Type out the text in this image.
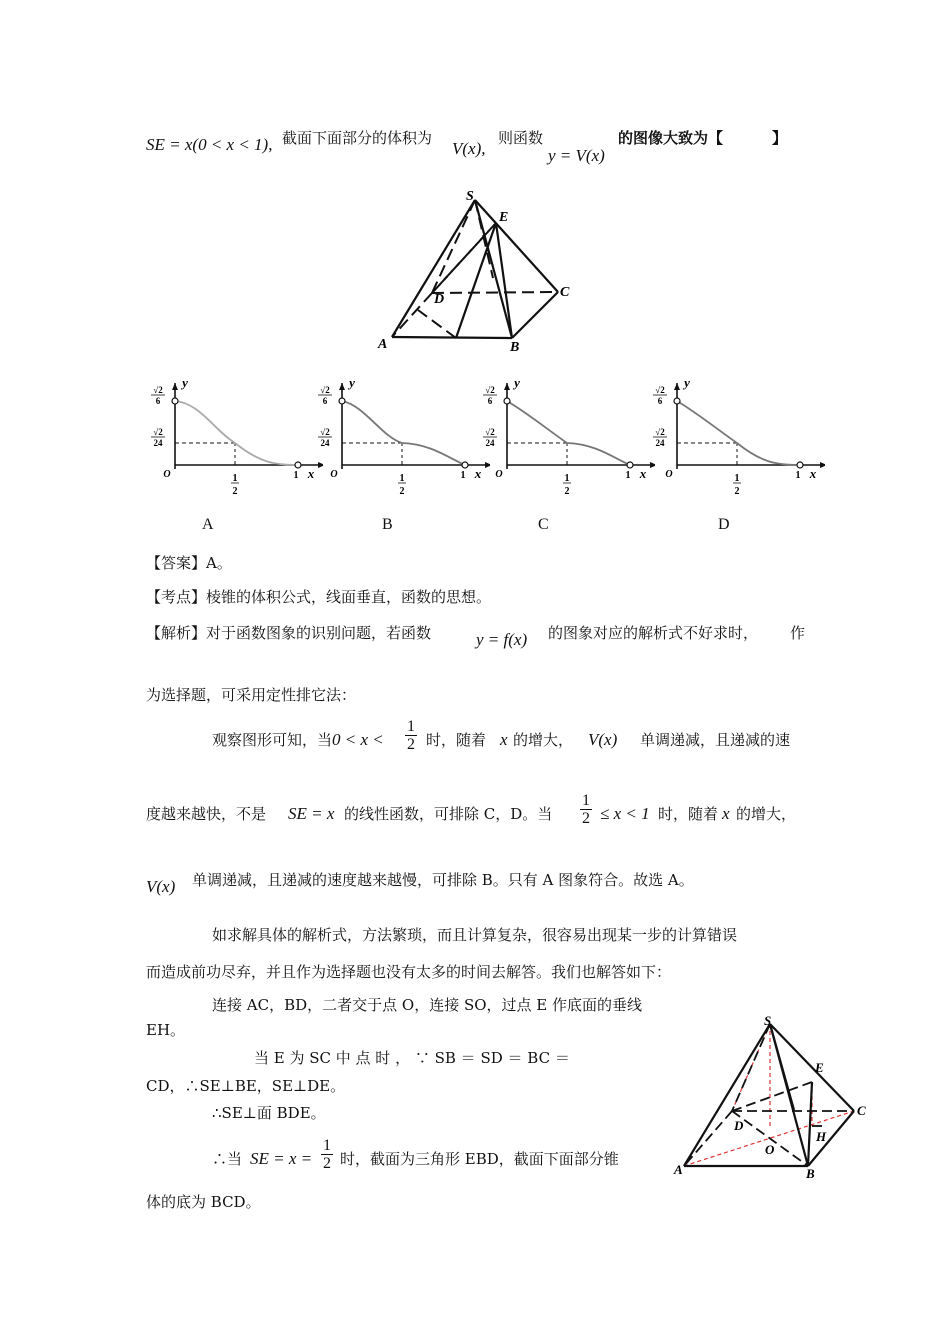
SE = x(0 < x < 1), 截面下面部分的体积为
V(x),
则函数
y = V(x)
的图像大致为【	】
S
E
C
D
A	B
√2
6
√2
24
O	1
2
1 x
y	√2
6
√2
24
O	1
2
1 x
y	√2
6
√2
24
O	1
2
1 x
y	√2
6
√2
24
O	1
2
1 x
y
A	B	C	D
【答案】A。
【考点】棱锥的体积公式，线面垂直，函数的思想。
【解析】对于函数图象的识别问题，若函数	y = f(x) 的图象对应的解析式不好求时， 作
为选择题，可采用定性排它法：
观察图形可知，当 $0 < x < \frac{1}{2}$ 时，随着 x 的增大， V(x) 单调递减，且递减的速
度越来越快，不是 SE = x 的线性函数，可排除 C，D。当 $\frac{1}{2} \le x < 1$ 时，随着 x 的增大，
V(x) 单调递减，且递减的速度越来越慢，可排除 B。只有 A 图象符合。故选 A。
如求解具体的解析式，方法繁琐，而且计算复杂，很容易出现某一步的计算错误
而造成前功尽弃，并且作为选择题也没有太多的时间去解答。我们也解答如下：
连接 AC，BD，二者交于点 O，连接 SO，过点 E 作底面的垂线
EH。
当 E 为 SC 中 点 时 ， ∵ SB ＝ SD ＝ BC ＝
CD，∴SE⊥BE，SE⊥DE。
∴SE⊥面 BDE。
∴当 SE = $x = \frac{1}{2}$ 时，截面为三角形 EBD，截面下面部分锥
体的底为 BCD。
S
E
C
D
O
H
A	B
